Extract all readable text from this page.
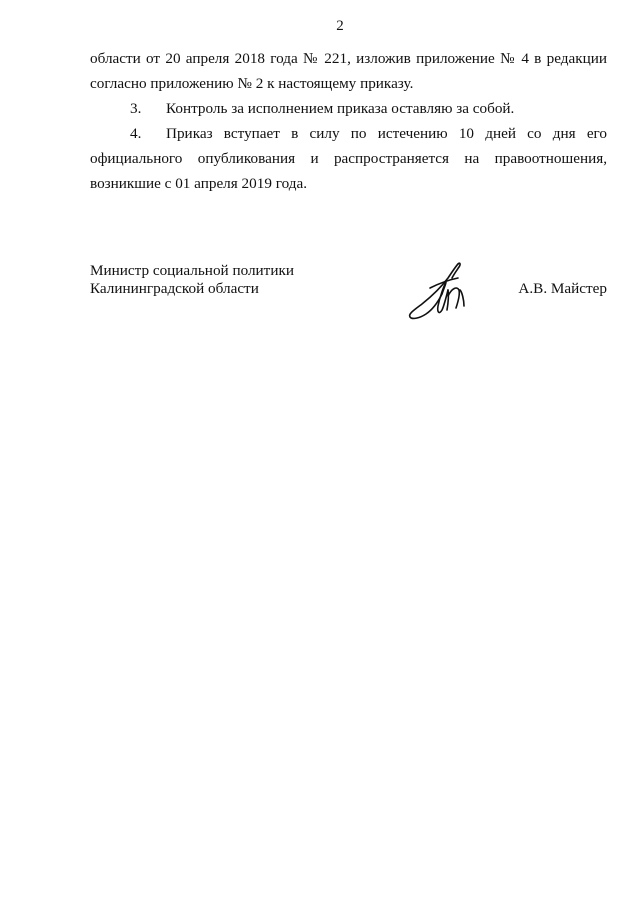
2
области от 20 апреля 2018 года № 221, изложив приложение № 4 в редакции
согласно приложению № 2 к настоящему приказу.
3.	Контроль за исполнением приказа оставляю за собой.
4.	Приказ вступает в силу по истечению 10 дней со дня его
официального опубликования и распространяется на правоотношения,
возникшие с 01 апреля 2019 года.
Министр социальной политики
Калининградской области	А.В. Майстер
